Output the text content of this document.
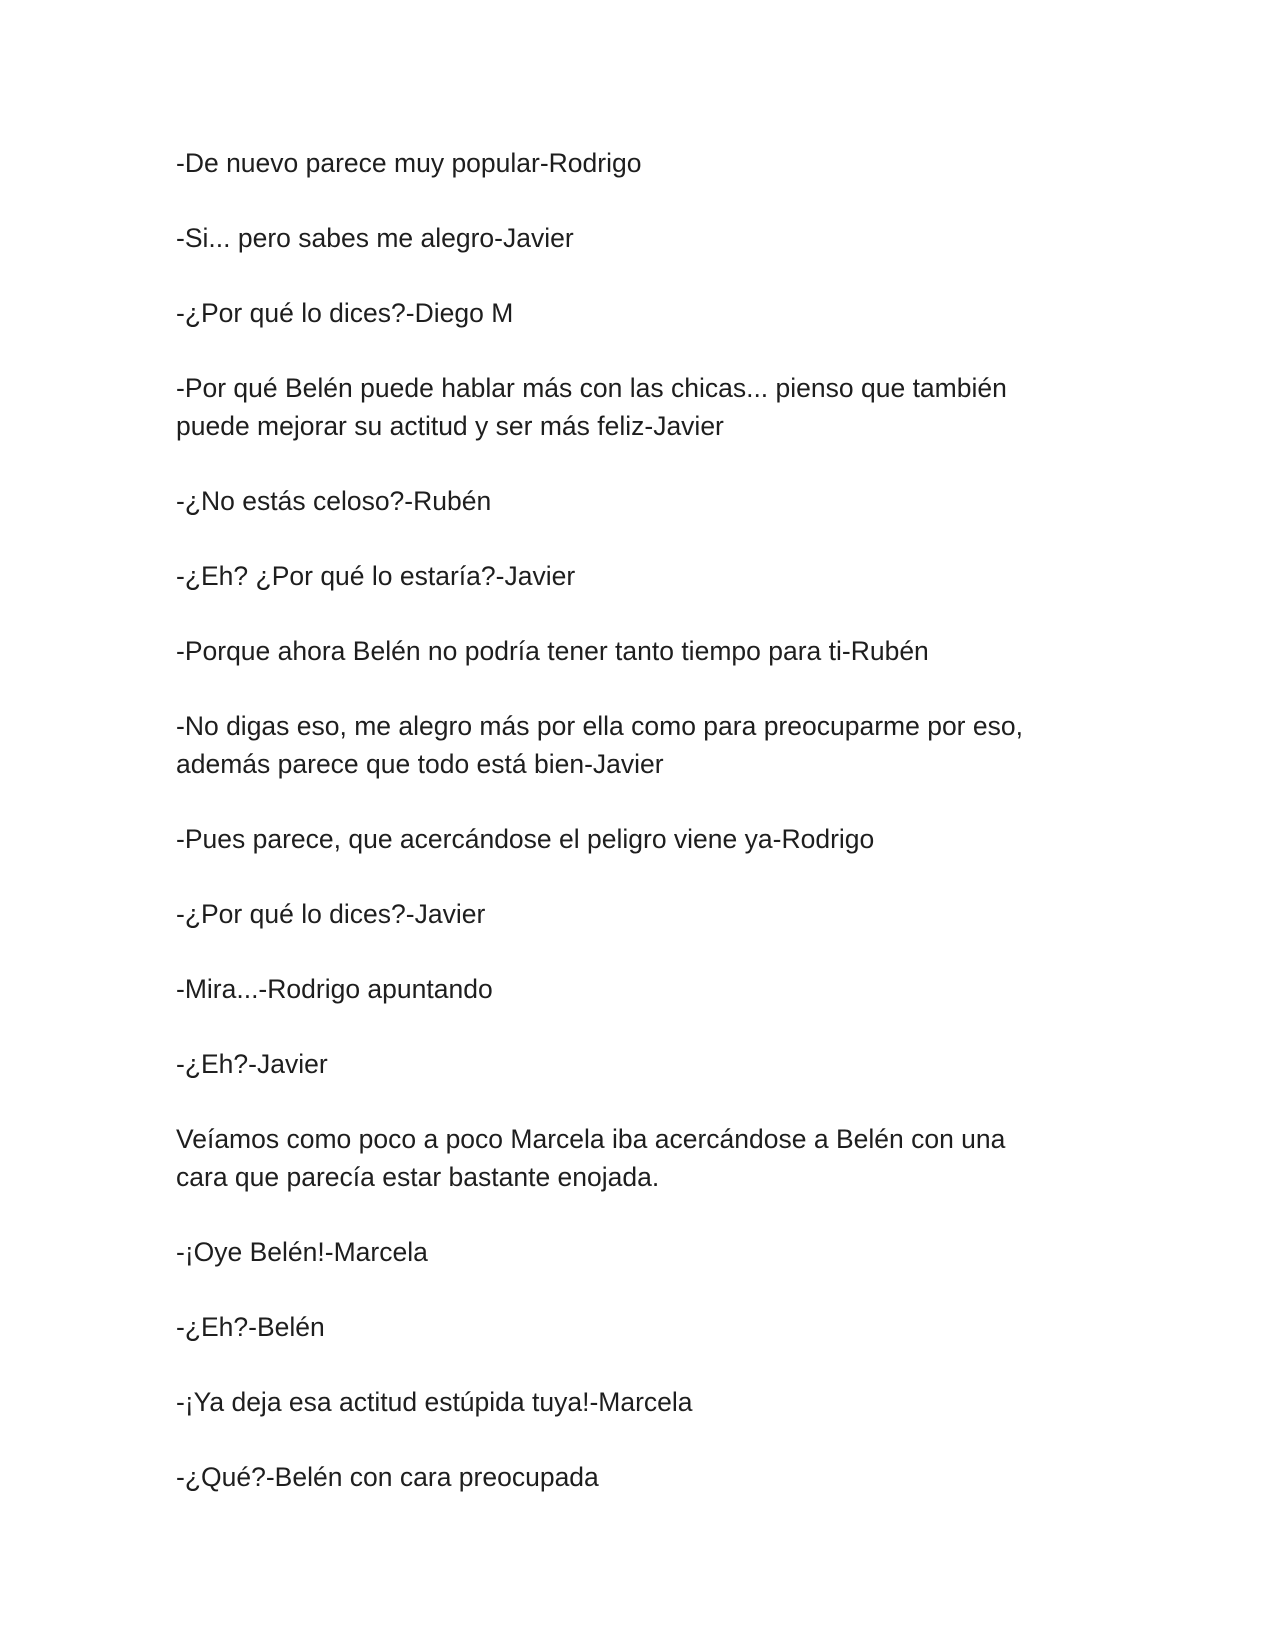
-De nuevo parece muy popular-Rodrigo

-Si... pero sabes me alegro-Javier

-¿Por qué lo dices?-Diego M

-Por qué Belén puede hablar más con las chicas... pienso que también
puede mejorar su actitud y ser más feliz-Javier

-¿No estás celoso?-Rubén

-¿Eh? ¿Por qué lo estaría?-Javier

-Porque ahora Belén no podría tener tanto tiempo para ti-Rubén

-No digas eso, me alegro más por ella como para preocuparme por eso,
además parece que todo está bien-Javier

-Pues parece, que acercándose el peligro viene ya-Rodrigo

-¿Por qué lo dices?-Javier

-Mira...-Rodrigo apuntando

-¿Eh?-Javier

Veíamos como poco a poco Marcela iba acercándose a Belén con una
cara que parecía estar bastante enojada.

-¡Oye Belén!-Marcela

-¿Eh?-Belén

-¡Ya deja esa actitud estúpida tuya!-Marcela

-¿Qué?-Belén con cara preocupada
